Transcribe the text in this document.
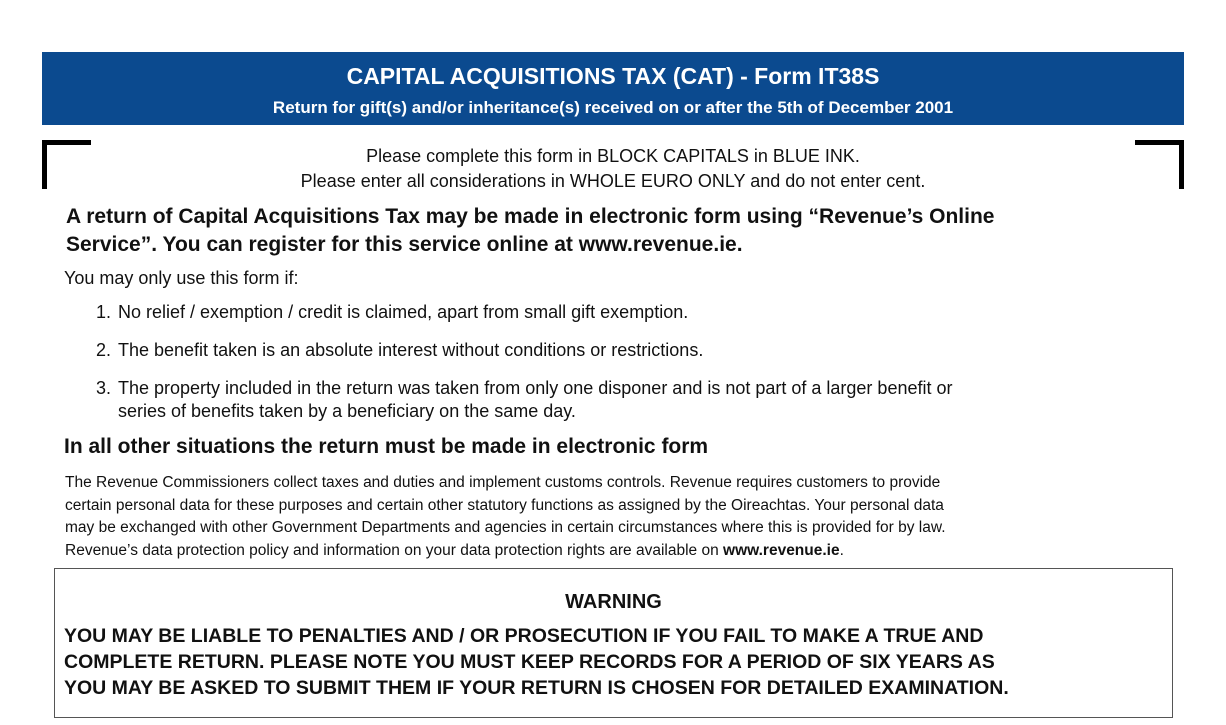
CAPITAL ACQUISITIONS TAX (CAT) - Form IT38S
Return for gift(s) and/or inheritance(s) received on or after the 5th of December 2001
Please complete this form in BLOCK CAPITALS in BLUE INK.
Please enter all considerations in WHOLE EURO ONLY and do not enter cent.
A return of Capital Acquisitions Tax may be made in electronic form using “Revenue’s Online
Service”. You can register for this service online at www.revenue.ie.
You may only use this form if:
1. No relief / exemption / credit is claimed, apart from small gift exemption.
2. The benefit taken is an absolute interest without conditions or restrictions.
3. The property included in the return was taken from only one disponer and is not part of a larger benefit or
series of benefits taken by a beneficiary on the same day.
In all other situations the return must be made in electronic form
The Revenue Commissioners collect taxes and duties and implement customs controls. Revenue requires customers to provide
certain personal data for these purposes and certain other statutory functions as assigned by the Oireachtas. Your personal data
may be exchanged with other Government Departments and agencies in certain circumstances where this is provided for by law.
Revenue’s data protection policy and information on your data protection rights are available on www.revenue.ie.
WARNING
YOU MAY BE LIABLE TO PENALTIES AND / OR PROSECUTION IF YOU FAIL TO MAKE A TRUE AND
COMPLETE RETURN. PLEASE NOTE YOU MUST KEEP RECORDS FOR A PERIOD OF SIX YEARS AS
YOU MAY BE ASKED TO SUBMIT THEM IF YOUR RETURN IS CHOSEN FOR DETAILED EXAMINATION.
